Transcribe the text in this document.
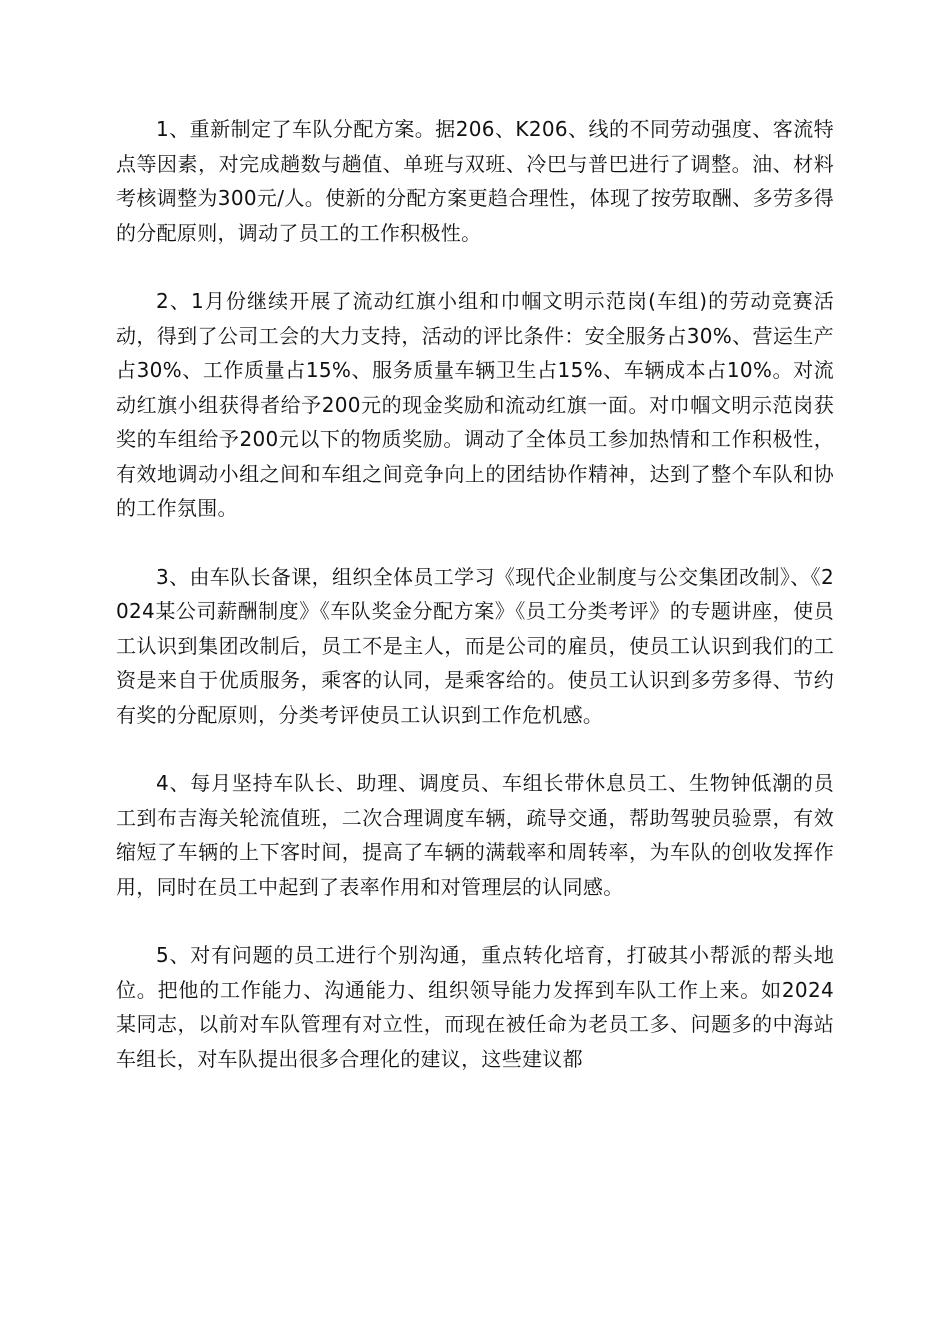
1、重新制定了车队分配方案。据206、K206、线的不同劳动强度、客流特点等因素，对完成趟数与趟值、单班与双班、冷巴与普巴进行了调整。油、材料考核调整为300元/人。使新的分配方案更趋合理性，体现了按劳取酬、多劳多得的分配原则，调动了员工的工作积极性。

2、1月份继续开展了流动红旗小组和巾帼文明示范岗(车组)的劳动竞赛活动，得到了公司工会的大力支持，活动的评比条件：安全服务占30%、营运生产占30%、工作质量占15%、服务质量车辆卫生占15%、车辆成本占10%。对流动红旗小组获得者给予200元的现金奖励和流动红旗一面。对巾帼文明示范岗获奖的车组给予200元以下的物质奖励。调动了全体员工参加热情和工作积极性，有效地调动小组之间和车组之间竞争向上的团结协作精神，达到了整个车队和协的工作氛围。

3、由车队长备课，组织全体员工学习《现代企业制度与公交集团改制》、《2024某公司薪酬制度》《车队奖金分配方案》《员工分类考评》的专题讲座，使员工认识到集团改制后，员工不是主人，而是公司的雇员，使员工认识到我们的工资是来自于优质服务，乘客的认同，是乘客给的。使员工认识到多劳多得、节约有奖的分配原则，分类考评使员工认识到工作危机感。

4、每月坚持车队长、助理、调度员、车组长带休息员工、生物钟低潮的员工到布吉海关轮流值班，二次合理调度车辆，疏导交通，帮助驾驶员验票，有效缩短了车辆的上下客时间，提高了车辆的满载率和周转率，为车队的创收发挥作用，同时在员工中起到了表率作用和对管理层的认同感。

5、对有问题的员工进行个别沟通，重点转化培育，打破其小帮派的帮头地位。把他的工作能力、沟通能力、组织领导能力发挥到车队工作上来。如2024某同志，以前对车队管理有对立性，而现在被任命为老员工多、问题多的中海站车组长，对车队提出很多合理化的建议，这些建议都
